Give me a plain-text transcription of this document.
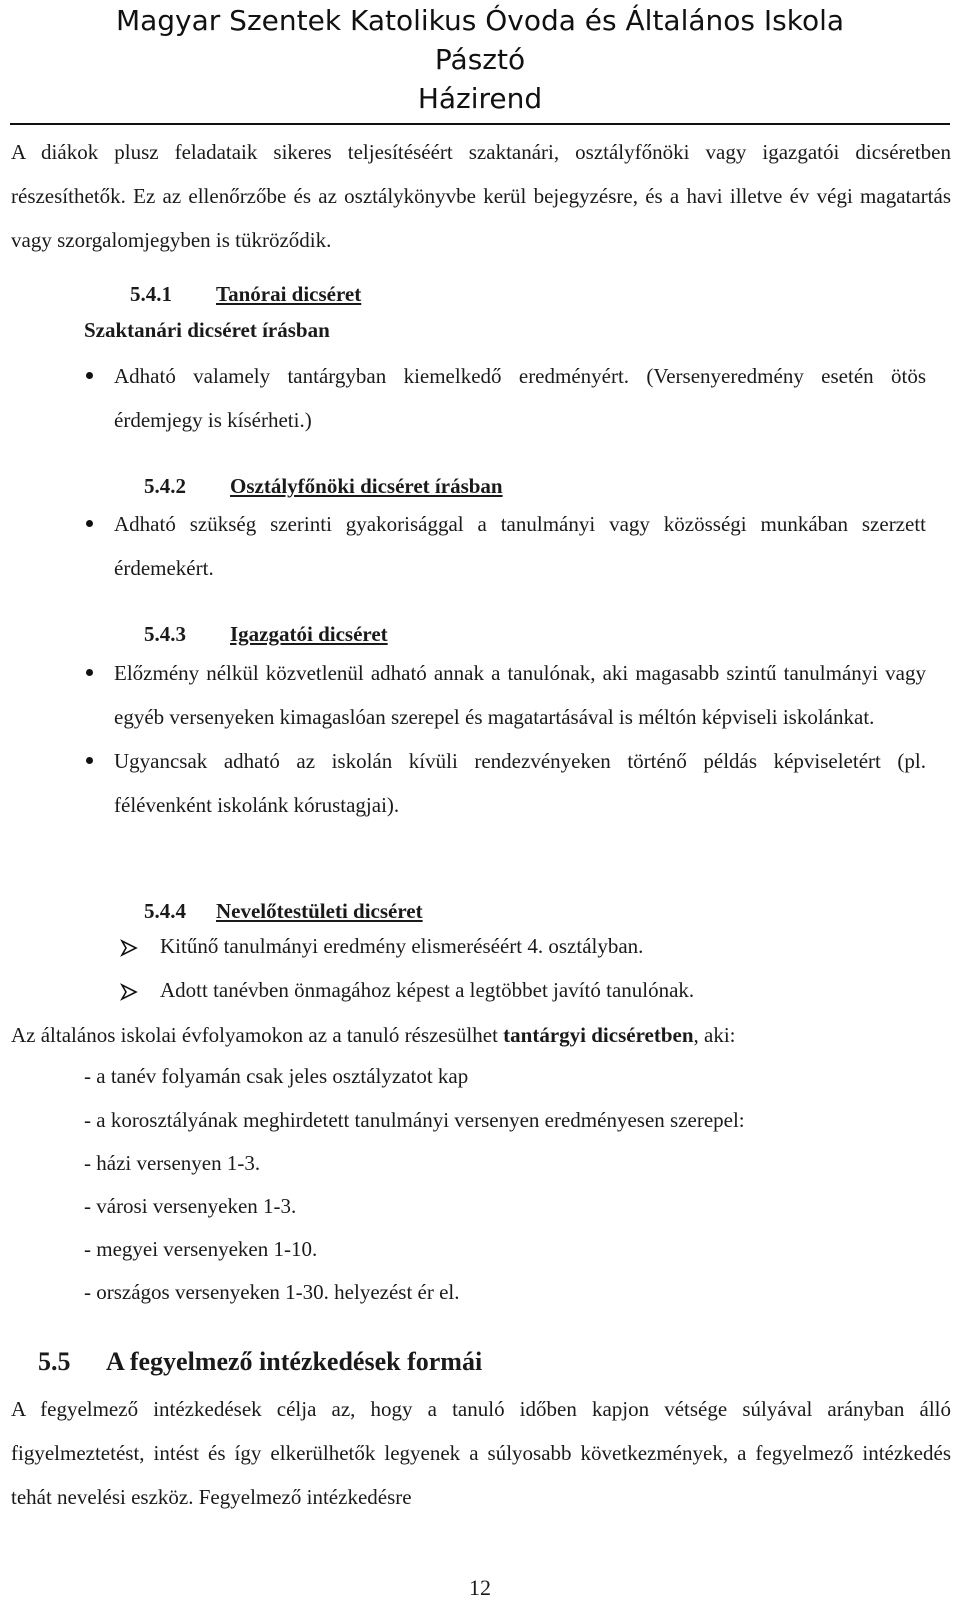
Magyar Szentek Katolikus Óvoda és Általános Iskola
Pásztó
Házirend
A diákok plusz feladataik sikeres teljesítéséért szaktanári, osztályfőnöki vagy igazgatói dicséretben részesíthetők. Ez az ellenőrzőbe és az osztálykönyvbe kerül bejegyzésre, és a havi illetve év végi magatartás vagy szorgalomjegyben is tükröződik.
5.4.1 Tanórai dicséret
Szaktanári dicséret írásban
Adható valamely tantárgyban kiemelkedő eredményért. (Versenyeredmény esetén ötös érdemjegy is kísérheti.)
5.4.2 Osztályfőnöki dicséret írásban
Adható szükség szerinti gyakorisággal a tanulmányi vagy közösségi munkában szerzett érdemekért.
5.4.3 Igazgatói dicséret
Előzmény nélkül közvetlenül adható annak a tanulónak, aki magasabb szintű tanulmányi vagy egyéb versenyeken kimagaslóan szerepel és magatartásával is méltón képviseli iskolánkat.
Ugyancsak adható az iskolán kívüli rendezvényeken történő példás képviseletért (pl. félévenként iskolánk kórustagjai).
5.4.4 Nevelőtestületi dicséret
Kitűnő tanulmányi eredmény elismeréséért 4. osztályban.
Adott tanévben önmagához képest a legtöbbet javító tanulónak.
Az általános iskolai évfolyamokon az a tanuló részesülhet tantárgyi dicséretben, aki:
- a tanév folyamán csak jeles osztályzatot kap
- a korosztályának meghirdetett tanulmányi versenyen eredményesen szerepel:
- házi versenyen 1-3.
- városi versenyeken 1-3.
- megyei versenyeken 1-10.
- országos versenyeken 1-30. helyezést ér el.
5.5 A fegyelmező intézkedések formái
A fegyelmező intézkedések célja az, hogy a tanuló időben kapjon vétsége súlyával arányban álló figyelmeztetést, intést és így elkerülhetők legyenek a súlyosabb következmények, a fegyelmező intézkedés tehát nevelési eszköz. Fegyelmező intézkedésre
12
